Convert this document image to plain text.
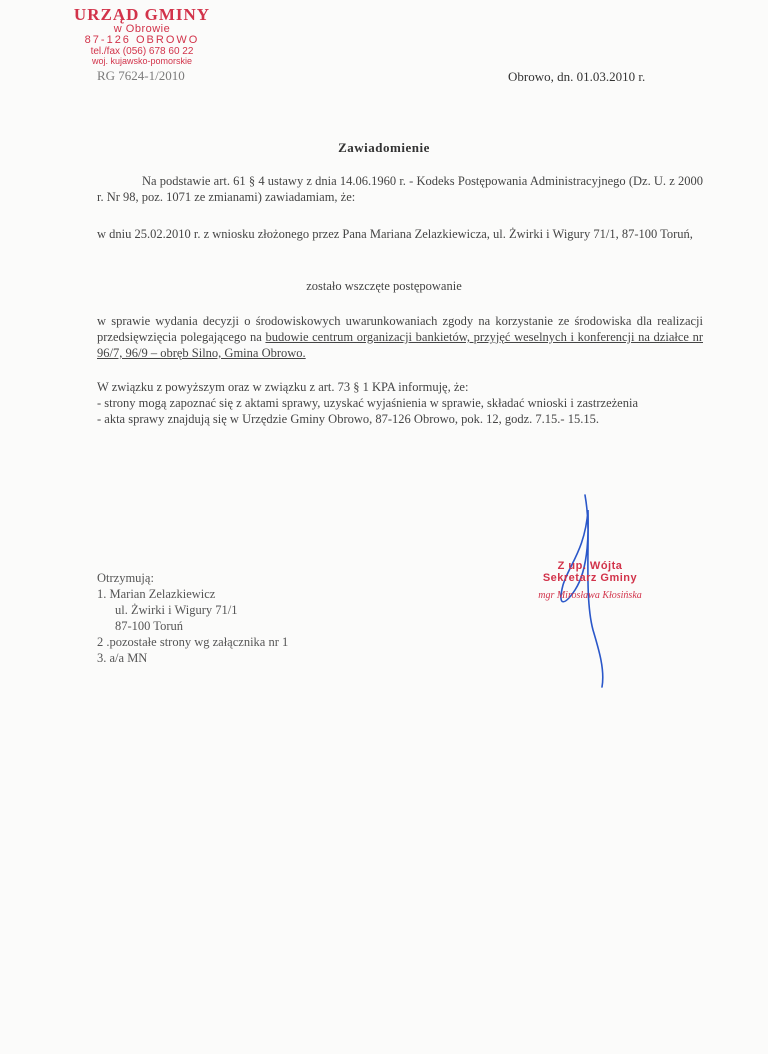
URZĄD GMINY
w Obrowie
87-126 OBROWO
tel./fax (056) 678 60 22
woj. kujawsko-pomorskie
RG 7624-1/2010	Obrowo, dn. 01.03.2010 r.
Zawiadomienie
Na podstawie art. 61 § 4 ustawy z dnia 14.06.1960 r. - Kodeks Postępowania Administracyjnego (Dz. U. z 2000 r. Nr 98, poz. 1071 ze zmianami) zawiadamiam, że:
w dniu 25.02.2010 r. z wniosku złożonego przez Pana Mariana Zelazkiewicza, ul. Żwirki i Wigury 71/1, 87-100 Toruń,
zostało wszczęte postępowanie
w sprawie wydania decyzji o środowiskowych uwarunkowaniach zgody na korzystanie ze środowiska dla realizacji przedsięwzięcia polegającego na budowie centrum organizacji bankietów, przyjęć weselnych i konferencji na działce nr 96/7, 96/9 – obręb Silno, Gmina Obrowo.
W związku z powyższym oraz w związku z art. 73 § 1 KPA informuję, że:
- strony mogą zapoznać się z aktami sprawy, uzyskać wyjaśnienia w sprawie, składać wnioski i zastrzeżenia
- akta sprawy znajdują się w Urzędzie Gminy Obrowo, 87-126 Obrowo, pok. 12, godz. 7.15.- 15.15.
Otrzymują:
1. Marian Zelazkiewicz
ul. Żwirki i Wigury 71/1
87-100 Toruń
2 .pozostałe strony wg załącznika nr 1
3. a/a MN
Z up. Wójta
Sekretarz Gminy
mgr Mirosława Kłosińska
